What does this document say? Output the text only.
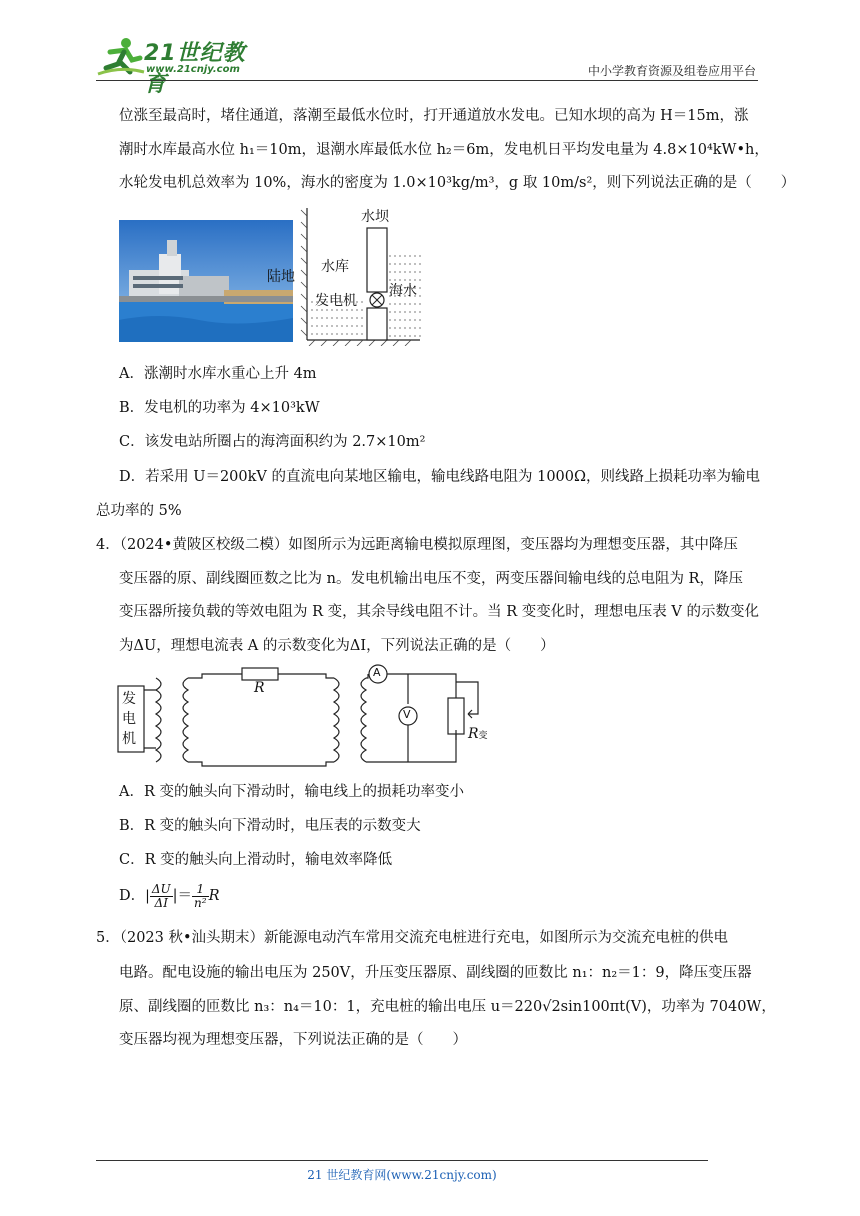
21世纪教育
www.21cnjy.com	中小学教育资源及组卷应用平台
位涨至最高时，堵住通道，落潮至最低水位时，打开通道放水发电。已知水坝的高为 H＝15m，涨
潮时水库最高水位 h₁＝10m，退潮水库最低水位 h₂＝6m，发电机日平均发电量为 4.8×10⁴kW•h，
水轮发电机总效率为 10%，海水的密度为 1.0×10³kg/m³，g 取 10m/s²，则下列说法正确的是（　　）
水坝
陆地
水库
海水
发电机
A．涨潮时水库水重心上升 4m
B．发电机的功率为 4×10³kW
C．该发电站所圈占的海湾面积约为 2.7×10m²
D．若采用 U＝200kV 的直流电向某地区输电，输电线路电阻为 1000Ω，则线路上损耗功率为输电
总功率的 5%
4．（2024•黄陂区校级二模）如图所示为远距离输电模拟原理图，变压器均为理想变压器，其中降压
变压器的原、副线圈匝数之比为 n。发电机输出电压不变，两变压器间输电线的总电阻为 R，降压
变压器所接负载的等效电阻为 R 变，其余导线电阻不计。当 R 变变化时，理想电压表 V 的示数变化
为ΔU，理想电流表 A 的示数变化为ΔI，下列说法正确的是（　　）
发
电
机
R
A
V
R变
A．R 变的触头向下滑动时，输电线上的损耗功率变小
B．R 变的触头向下滑动时，电压表的示数变大
C．R 变的触头向上滑动时，输电效率降低
D．| $\frac{\Delta U}{\Delta I}$ |＝ $\frac{1}{\text{n²}}$ R
5．（2023 秋•汕头期末）新能源电动汽车常用交流充电桩进行充电，如图所示为交流充电桩的供电
电路。配电设施的输出电压为 250V，升压变压器原、副线圈的匝数比 n₁：n₂＝1：9，降压变压器
原、副线圈的匝数比 n₃：n₄＝10：1，充电桩的输出电压 u＝220√2sin100πt(V)，功率为 7040W，
变压器均视为理想变压器，下列说法正确的是（　　）
21 世纪教育网(www.21cnjy.com)
